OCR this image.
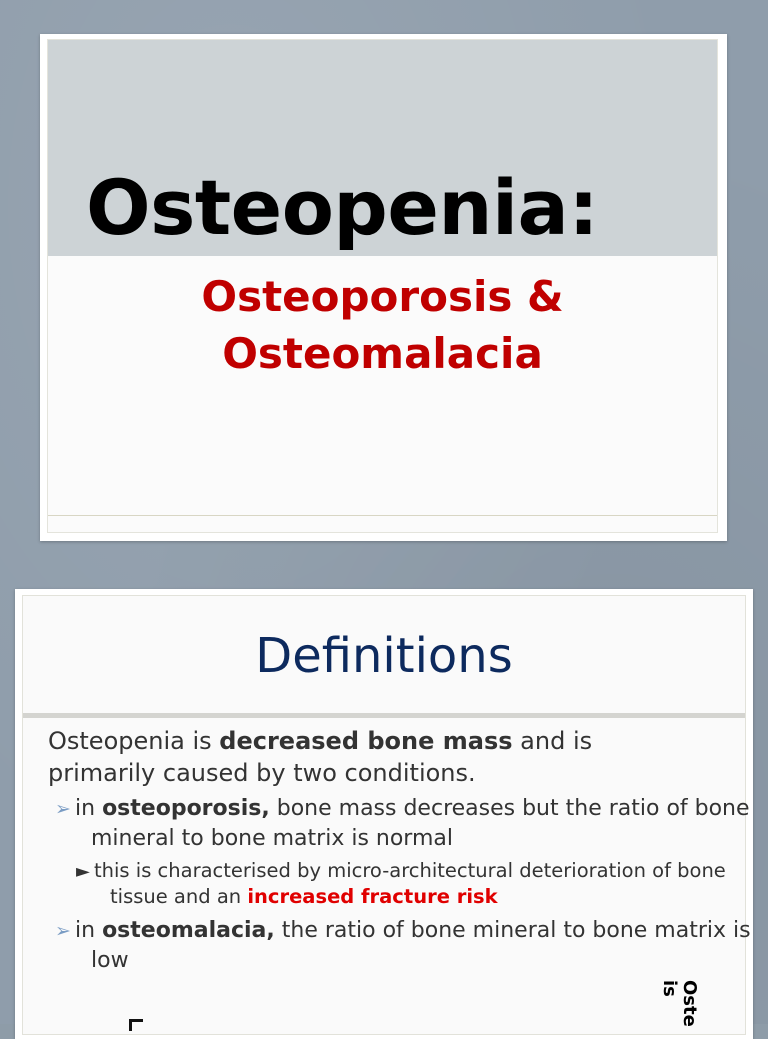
Osteopenia:
Osteoporosis &
Osteomalacia
Definitions
Osteopenia is decreased bone mass and is primarily caused by two conditions.
➢ in osteoporosis, bone mass decreases but the ratio of bone mineral to bone matrix is normal
► this is characterised by micro-architectural deterioration of bone tissue and an increased fracture risk
➢ in osteomalacia, the ratio of bone mineral to bone matrix is low
Oste
is
